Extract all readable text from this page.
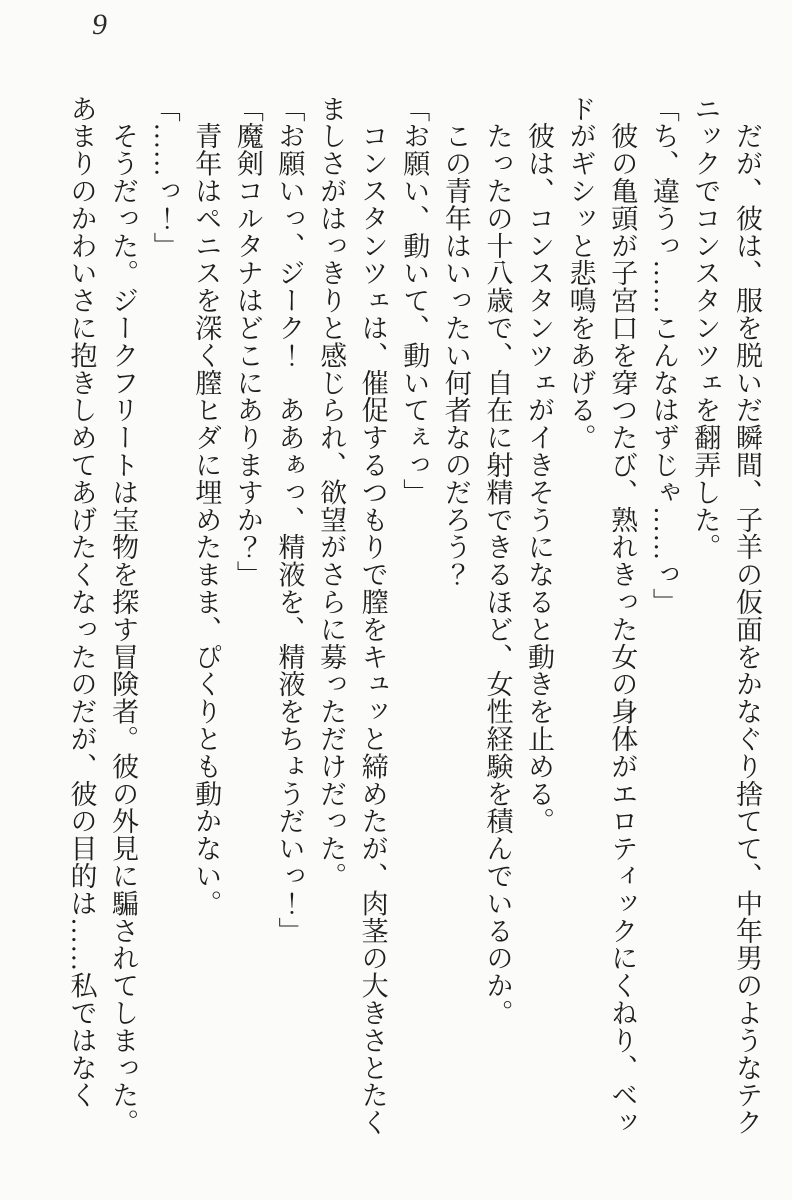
9

　だが、彼は、服を脱いだ瞬間、子羊の仮面をかなぐり捨てて、中年男のようなテク

ニックでコンスタンツェを翻弄した。

「ち、違うっ……こんなはずじゃ……っ」

　彼の亀頭が子宮口を穿つたび、熟れきった女の身体がエロティックにくねり、ベッ

ドがギシッと悲鳴をあげる。

　彼は、コンスタンツェがイきそうになると動きを止める。

　たったの十八歳で、自在に射精できるほど、女性経験を積んでいるのか。

　この青年はいったい何者なのだろう？

「お願い、動いて、動いてぇっ」

　コンスタンツェは、催促するつもりで膣をキュッと締めたが、肉茎の大きさとたく

ましさがはっきりと感じられ、欲望がさらに募っただけだった。

「お願いっ、ジーク！　ああぁっ、精液を、精液をちょうだいっ！」

「魔剣コルタナはどこにありますか？」

　青年はペニスを深く膣ヒダに埋めたまま、ぴくりとも動かない。

「……っ！」

　そうだった。ジークフリートは宝物を探す冒険者。彼の外見に騙されてしまった。

あまりのかわいさに抱きしめてあげたくなったのだが、彼の目的は……私ではなく
